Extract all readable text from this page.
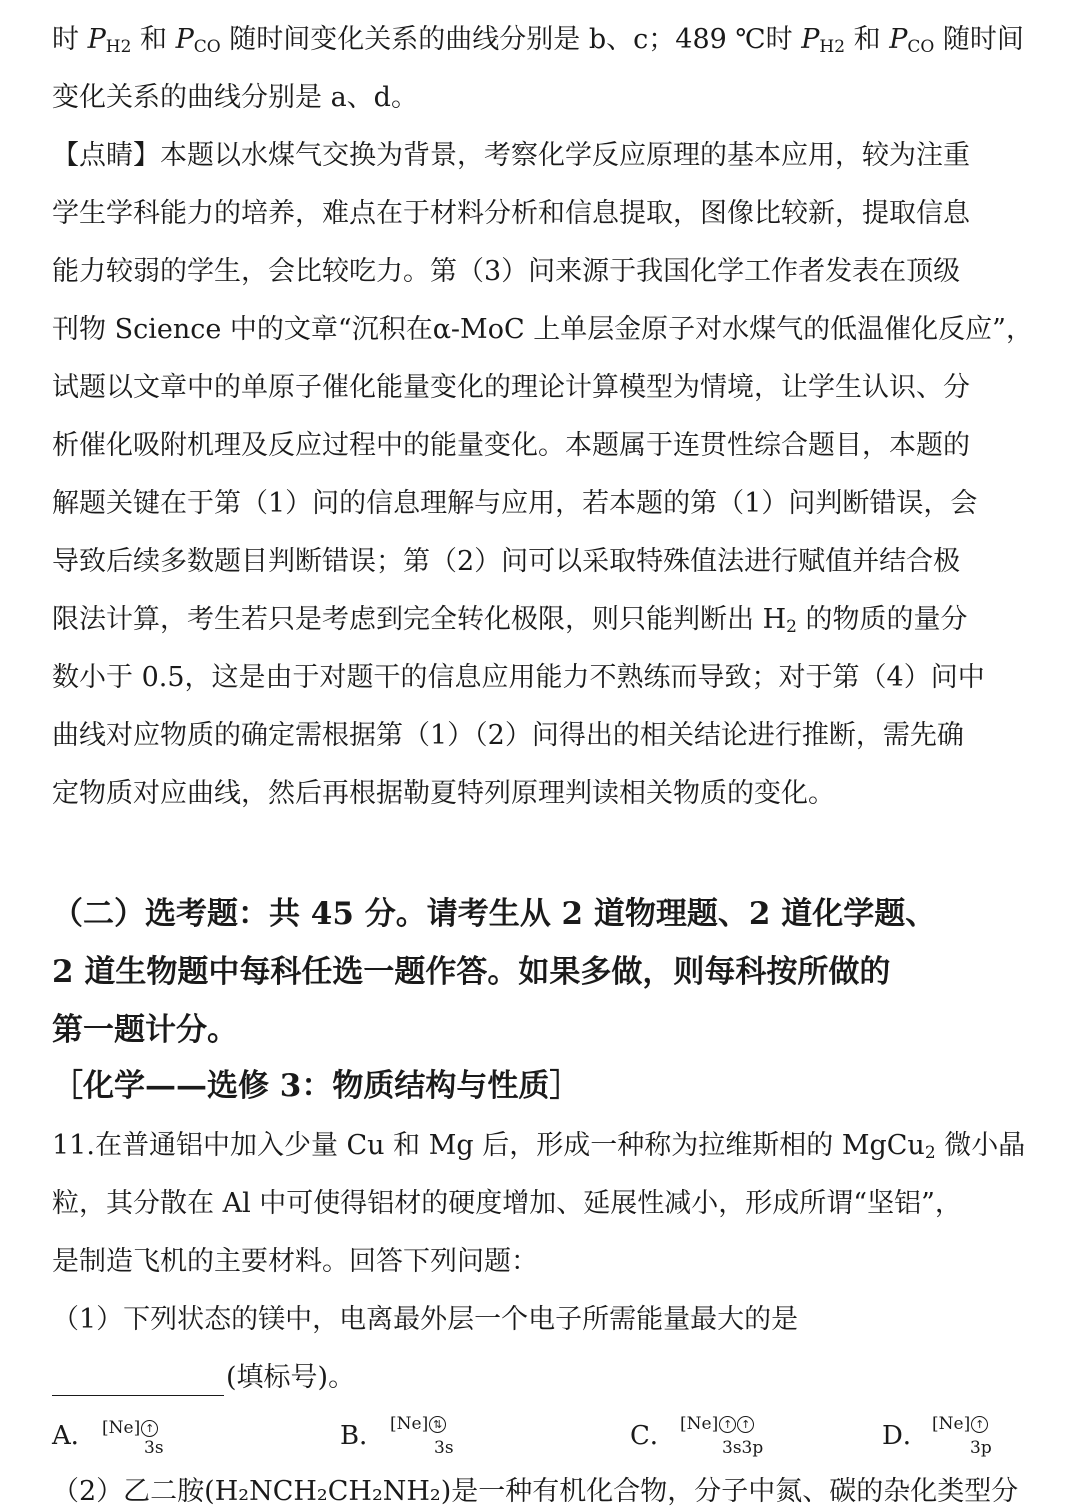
时 $P_{H2}$ 和 $P_{CO}$ 随时间变化关系的曲线分别是 b、c；489 ℃时 $P_{H2}$ 和 $P_{CO}$ 随时间
变化关系的曲线分别是 a、d。
【点睛】本题以水煤气交换为背景，考察化学反应原理的基本应用，较为注重
学生学科能力的培养，难点在于材料分析和信息提取，图像比较新，提取信息
能力较弱的学生，会比较吃力。第（3）问来源于我国化学工作者发表在顶级
刊物 Science 中的文章“沉积在α-MoC 上单层金原子对水煤气的低温催化反应”，
试题以文章中的单原子催化能量变化的理论计算模型为情境，让学生认识、分
析催化吸附机理及反应过程中的能量变化。本题属于连贯性综合题目，本题的
解题关键在于第（1）问的信息理解与应用，若本题的第（1）问判断错误，会
导致后续多数题目判断错误；第（2）问可以采取特殊值法进行赋值并结合极
限法计算，考生若只是考虑到完全转化极限，则只能判断出 $H_2$ 的物质的量分
数小于 0.5，这是由于对题干的信息应用能力不熟练而导致；对于第（4）问中
曲线对应物质的确定需根据第（1）（2）问得出的相关结论进行推断，需先确
定物质对应曲线，然后再根据勒夏特列原理判读相关物质的变化。
（二）选考题：共 45 分。请考生从 2 道物理题、2 道化学题、
2 道生物题中每科任选一题作答。如果多做，则每科按所做的
第一题计分。
［化学——选修 3：物质结构与性质］
11.在普通铝中加入少量 Cu 和 Mg 后，形成一种称为拉维斯相的 MgCu$_2$ 微小晶
粒，其分散在 Al 中可使得铝材的硬度增加、延展性减小，形成所谓“坚铝”，
是制造飞机的主要材料。回答下列问题：
（1）下列状态的镁中，电离最外层一个电子所需能量最大的是
(填标号)。
A． [Ne] ↑
3s	B． [Ne] ⇅
3s	C． [Ne] ↑ ↑
3s3p	D． [Ne] ↑
3p
（2）乙二胺(H₂NCH₂CH₂NH₂)是一种有机化合物，分子中氮、碳的杂化类型分
